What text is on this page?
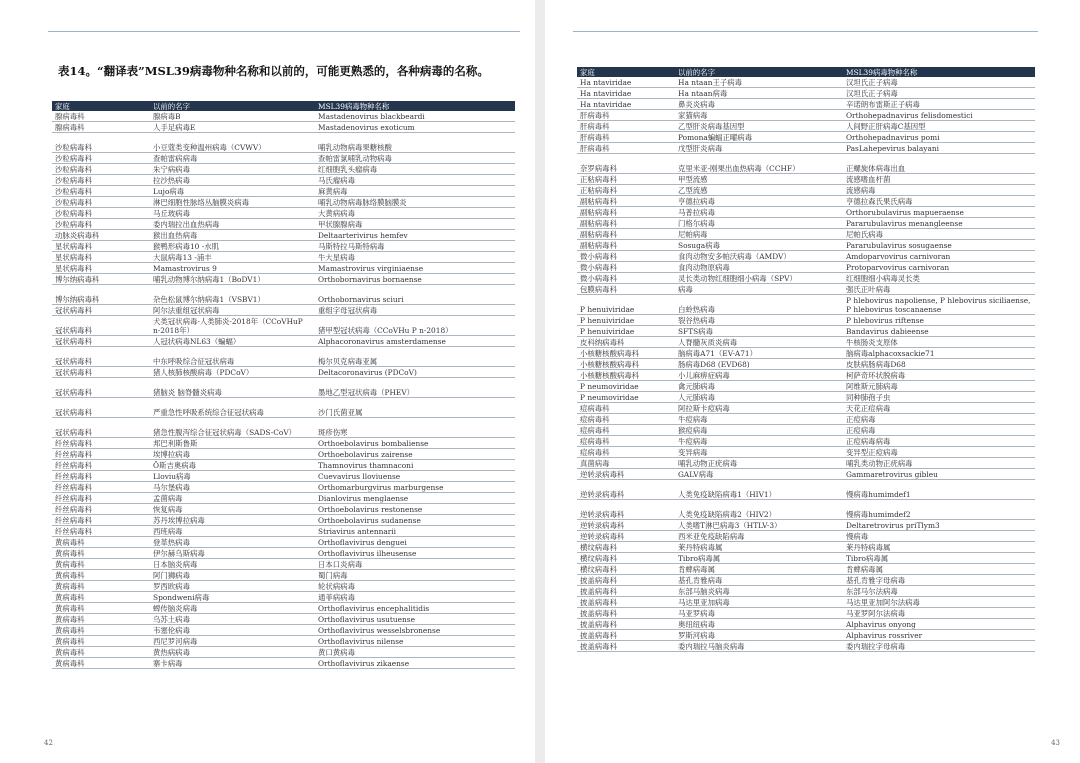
表14。“翻译表”MSL39病毒物种名称和以前的，可能更熟悉的，各种病毒的名称。
家庭	以前的名字	MSL39病毒物种名称
腺病毒科	腺病毒B	Mastadenovirus blackbeardi
腺病毒科	人手足病毒E	Mastadenovirus exoticum
沙粒病毒科	小豆蔻类变种温州病毒（CVWV）	哺乳动物病毒果糖核酸
沙粒病毒科	查帕雷病病毒	查帕雷氯哺乳动物病毒
沙粒病毒科	朱宁病病毒	红细胞乳头瘤病毒
沙粒病毒科	拉沙热病毒	马氏瘤病毒
沙粒病毒科	Lujo病毒	麻黄病毒
沙粒病毒科	淋巴细胞性脉络丛脑膜炎病毒	哺乳动物病毒脉络膜脑膜炎
沙粒病毒科	马丘玻病毒	大黄病病毒
沙粒病毒科	委内瑞拉出血热病毒	甲状腺腺病毒
动脉炎病毒科	猴出血热病毒	Deltaarterivirus hemfev
星状病毒科	猴鸭形病毒10 -水肌	马斯特拉马斯特病毒
星状病毒科	大鼠病毒13 -浦丰	牛大星病毒
星状病毒科	Mamastrovirus 9	Mamastrovirus virginiaense
博尔纳病毒科	哺乳动物博尔纳病毒1（BoDV1）	Orthobornavirus bornaense
博尔纳病毒科	杂色松鼠博尔纳病毒1（VSBV1）	Orthobornavirus sciuri
冠状病毒科	阿尔法重组冠状病毒	重组字母冠状病毒
冠状病毒科	犬类冠状病毒-人类肺炎-2018年（CCoVHuP n-2018年）	猪甲型冠状病毒（CCoVHu P n-2018）
冠状病毒科	人冠状病毒NL63（蝙蝠）	Alphacoronavirus amsterdamense
冠状病毒科	中东呼吸综合征冠状病毒	梅尔贝克病毒亚属
冠状病毒科	猪人核肺核酸病毒（PDCoV）	Deltacoronavirus (PDCoV)
冠状病毒科	猪脑炎 脑脊髓炎病毒	墨地乙型冠状病毒（PHEV）
冠状病毒科	严重急性呼吸系统综合征冠状病毒	沙门氏菌亚属
冠状病毒科	猪急性腹泻综合征冠状病毒（SADS-CoV）	斑疹伤寒
纤丝病毒科	邦巴利斯鲁斯	Orthoebolavirus bombaliense
纤丝病毒科	埃博拉病毒	Orthoebolavirus zairense
纤丝病毒科	Ö斯吉奥病毒	Thamnovirus thamnaconi
纤丝病毒科	Lloviu病毒	Cuevavirus lloviuense
纤丝病毒科	马尔堡病毒	Orthomarburgvirus marburgense
纤丝病毒科	孟菌病毒	Dianlovirus menglaense
纤丝病毒科	恢复病毒	Orthoebolavirus restonense
纤丝病毒科	苏丹埃博拉病毒	Orthoebolavirus sudanense
纤丝病毒科	西班病毒	Striavirus antennarii
黄病毒科	登革热病毒	Orthoflavivirus denguei
黄病毒科	伊尔赫乌斯病毒	Orthoflavivirus ilheusense
黄病毒科	日本脑炎病毒	日本口炎病毒
黄病毒科	阿门狮病毒	蜀门病毒
黄病毒科	罗西欧病毒	轮状病病毒
黄病毒科	Spondweni病毒	通菲病病毒
黄病毒科	蜱传脑炎病毒	Orthoflavivirus encephalitidis
黄病毒科	乌苏土病毒	Orthoflavivirus usutuense
黄病毒科	韦塞伦病毒	Orthoflavivirus wesselsbronense
黄病毒科	西尼罗河病毒	Orthoflavivirus nilense
黄病毒科	黄热病病毒	黄口黄病毒
黄病毒科	寨卡病毒	Orthoflavivirus zikaense
42
家庭	以前的名字	MSL39病毒物种名称
Ha ntaviridae	Ha ntaan王子病毒	汉坦氏正子病毒
Ha ntaviridae	Ha ntaan病毒	汉坦氏正子病毒
Ha ntaviridae	鼻炎炎病毒	辛诺朗布雷斯正子病毒
肝病毒科	家猫病毒	Orthohepadnavirus felisdomestici
肝病毒科	乙型肝炎病毒基因型	人间野正肝病毒C基因型
肝病毒科	Pomona蝙蝠正曜病毒	Orthohepadnavirus pomi
肝病毒科	戊型肝炎病毒	PasLahepevirus balayani
奈罗病毒科	克里米亚-刚果出血热病毒（CCHF）	正螺旋体病毒出血
正粘病毒科	甲型流感	流感嗜血杆菌
正粘病毒科	乙型流感	流感病毒
副粘病毒科	亨德拉病毒	亨德拉森氏果氏病毒
副粘病毒科	马普拉病毒	Orthorubulavirus mapueraense
副粘病毒科	门格尔病毒	Pararubulavirus menangleense
副粘病毒科	尼帕病毒	尼帕氏病毒
副粘病毒科	Sosuga病毒	Pararubulavirus sosugaense
微小病毒科	食肉动物安多帕沃病毒（AMDV）	Amdoparvovirus carnivoran
微小病毒科	食肉动物原病毒	Protoparvovirus carnivoran
微小病毒科	灵长类动物红细胞细小病毒（SPV）	红细胞细小病毒灵长类
包膜病毒科	病毒	强氏正叶病毒
P henuiviridae	白蛉热病毒	P hlebovirus napoliense, P hlebovirus siciliaense, P hlebovirus toscanaense
P henuiviridae	裂谷热病毒	P hlebovirus riftense
P henuiviridae	SFTS病毒	Bandavirus dabieense
皮科纳病毒科	人脊髓灰质炎病毒	牛核肠炎支原体
小核糖核酸病毒科	脑病毒A71（EV-A71）	脑病毒alphacoxsackie71
小核糖核酸病毒科	肠病毒D68 (EVD68)	皮肤病肠病毒D68
小核糖核酸病毒科	小儿麻痹症病毒	柯萨奇环状脱病毒
P neumoviridae	禽元肺病毒	阿维斯元肺病毒
P neumoviridae	人元肺病毒	同种肺孢子虫
痘病毒科	阿拉斯卡痘病毒	天花正痘病毒
痘病毒科	牛痘病毒	正痘病毒
痘病毒科	猴痘病毒	正痘病毒
痘病毒科	牛痘病毒	正痘病毒病毒
痘病毒科	变异病毒	变异型正痘病毒
真菌病毒	哺乳动物正疣病毒	哺乳类动物正疣病毒
逆转录病毒科	GALV病毒	Gammaretrovirus gibleu
逆转录病毒科	人类免疫缺陷病毒1（HIV1）	慢病毒humimdef1
逆转录病毒科	人类免疫缺陷病毒2（HIV2）	慢病毒humimdef2
逆转录病毒科	人类嗜T淋巴病毒3（HTLV-3）	Deltaretrovirus priTlym3
逆转录病毒科	西米亚免疫缺陷病毒	慢病毒
横纹病毒科	莱丹特病毒属	莱丹特病毒属
横纹病毒科	Tibro病毒属	Tibro病毒属
横纹病毒科	肯蜱病毒属	肯蜱病毒属
披盖病毒科	基孔肯雅病毒	基孔肯雅字母病毒
披盖病毒科	东部马脑炎病毒	东部马尔法病毒
披盖病毒科	马达里亚加病毒	马达里亚加阿尔法病毒
披盖病毒科	马亚罗病毒	马亚罗阿尔法病毒
披盖病毒科	奥纽纽病毒	Alphavirus onyong
披盖病毒科	罗斯河病毒	Alphavirus rossriver
披盖病毒科	委内瑞拉马脑炎病毒	委内瑞拉字母病毒
43
